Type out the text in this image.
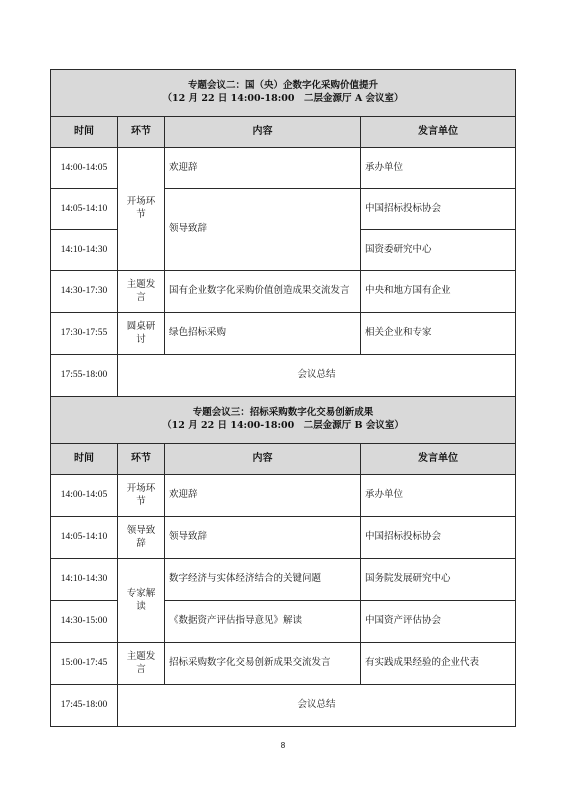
专题会议二：国（央）企数字化采购价值提升
（12 月 22 日 14:00-18:00　二层金源厅 A 会议室）			

时间	环节	内容	发言单位
14:00-14:05	开场环节	欢迎辞	承办单位
14:05-14:10		领导致辞	中国招标投标协会
14:10-14:30			国资委研究中心
14:30-17:30	主题发言	国有企业数字化采购价值创造成果交流发言	中央和地方国有企业
17:30-17:55	圆桌研讨	绿色招标采购	相关企业和专家
17:55-18:00	会议总结		

专题会议三：招标采购数字化交易创新成果
（12 月 22 日 14:00-18:00　二层金源厅 B 会议室）			

时间	环节	内容	发言单位
14:00-14:05	开场环节	欢迎辞	承办单位
14:05-14:10	领导致辞	领导致辞	中国招标投标协会
14:10-14:30	专家解读	数字经济与实体经济结合的关键问题	国务院发展研究中心
14:30-15:00		《数据资产评估指导意见》解读	中国资产评估协会
15:00-17:45	主题发言	招标采购数字化交易创新成果交流发言	有实践成果经验的企业代表
17:45-18:00	会议总结		
8
